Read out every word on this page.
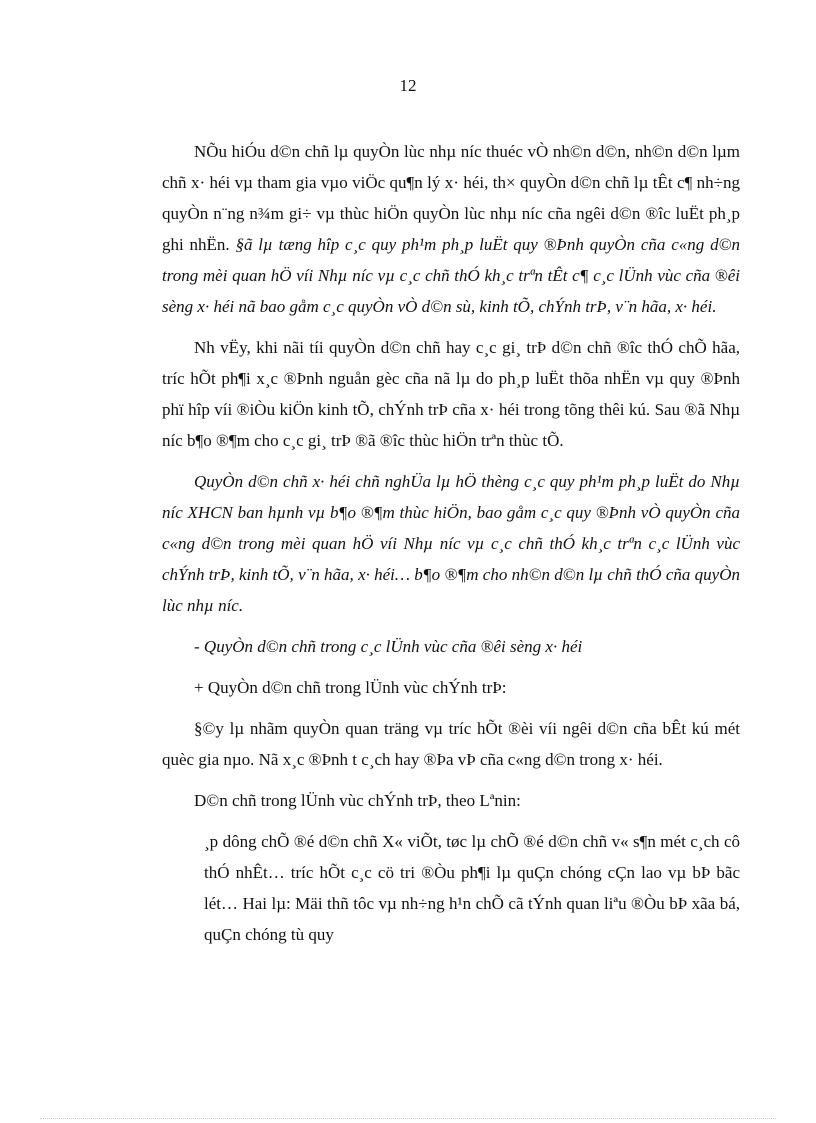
12

NÕu hiÓu d©n chñ lµ quyÒn lùc nhµ níc thuéc vÒ nh©n d©n, nh©n d©n lµm chñ x· héi vµ tham gia vµo viÖc qu¶n lý x· héi, th× quyÒn d©n chñ lµ tÊt c¶ nh÷ng quyÒn n¨ng n¾m gi÷ vµ thùc hiÖn quyÒn lùc nhµ níc cña ngêi d©n ®îc luËt ph¸p ghi nhËn. §ã lµ tæng hîp c¸c quy ph¹m ph¸p luËt quy ®Þnh quyÒn cña c«ng d©n trong mèi quan hÖ víi Nhµ níc vµ c¸c chñ thÓ kh¸c trªn tÊt c¶ c¸c lÜnh vùc cña ®êi sèng x· héi nã bao gåm c¸c quyÒn vÒ d©n sù, kinh tÕ, chÝnh trÞ, v¨n hãa, x· héi.

Nh vËy, khi nãi tíi quyÒn d©n chñ hay c¸c gi¸ trÞ d©n chñ ®îc thÓ chÕ hãa, tríc hÕt ph¶i x¸c ®Þnh nguån gèc cña nã lµ do ph¸p luËt thõa nhËn vµ quy ®Þnh phï hîp víi ®iÒu kiÖn kinh tÕ, chÝnh trÞ cña x· héi trong tõng thêi kú. Sau ®ã Nhµ níc b¶o ®¶m cho c¸c gi¸ trÞ ®ã ®îc thùc hiÖn trªn thùc tÕ.

QuyÒn d©n chñ x· héi chñ nghÜa lµ hÖ thèng c¸c quy ph¹m ph¸p luËt do Nhµ níc XHCN ban hµnh vµ b¶o ®¶m thùc hiÖn, bao gåm c¸c quy ®Þnh vÒ quyÒn cña c«ng d©n trong mèi quan hÖ víi Nhµ níc vµ c¸c chñ thÓ kh¸c trªn c¸c lÜnh vùc chÝnh trÞ, kinh tÕ, v¨n hãa, x· héi… b¶o ®¶m cho nh©n d©n lµ chñ thÓ cña quyÒn lùc nhµ níc.

- QuyÒn d©n chñ trong c¸c lÜnh vùc cña ®êi sèng x· héi

+ QuyÒn d©n chñ trong lÜnh vùc chÝnh trÞ:

§©y lµ nhãm quyÒn quan träng vµ tríc hÕt ®èi víi ngêi d©n cña bÊt kú mét quèc gia nµo. Nã x¸c ®Þnh t c¸ch hay ®Þa vÞ cña c«ng d©n trong x· héi.

D©n chñ trong lÜnh vùc chÝnh trÞ, theo Lªnin:

¸p dông chÕ ®é d©n chñ X« viÕt, tøc lµ chÕ ®é d©n chñ v« s¶n mét c¸ch cô thÓ nhÊt… tríc hÕt c¸c cö tri ®Òu ph¶i lµ quÇn chóng cÇn lao vµ bÞ bãc lét… Hai lµ: Mäi thñ tôc vµ nh÷ng h¹n chÕ cã tÝnh quan liªu ®Òu bÞ xãa bá, quÇn chóng tù quy
